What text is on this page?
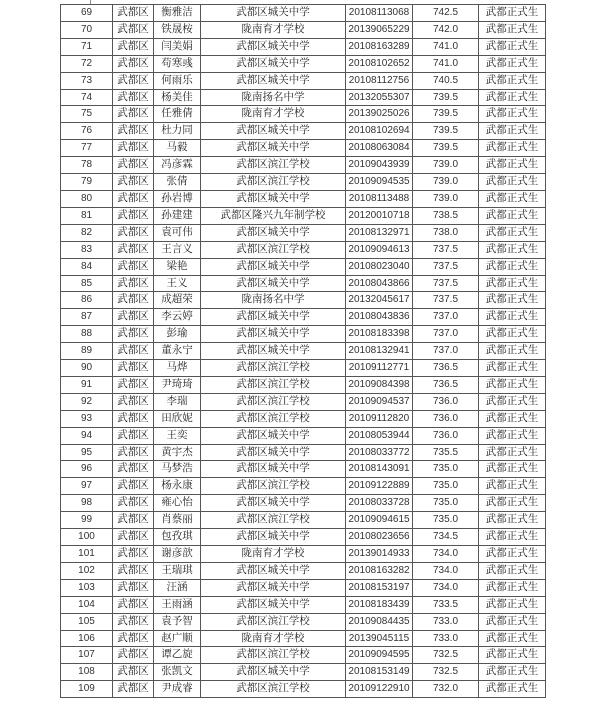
69	武都区	衡雅洁	武都区城关中学	20108113068	742.5	武都正式生
70	武都区	铁晟桉	陇南育才学校	20139065229	742.0	武都正式生
71	武都区	闫美娟	武都区城关中学	20108163289	741.0	武都正式生
72	武都区	苟寒彧	武都区城关中学	20108102652	741.0	武都正式生
73	武都区	何雨乐	武都区城关中学	20108112756	740.5	武都正式生
74	武都区	杨美佳	陇南扬名中学	20132055307	739.5	武都正式生
75	武都区	任雅倩	陇南育才学校	20139025026	739.5	武都正式生
76	武都区	杜力同	武都区城关中学	20108102694	739.5	武都正式生
77	武都区	马毅	武都区城关中学	20108063084	739.5	武都正式生
78	武都区	冯彦霖	武都区滨江学校	20109043939	739.0	武都正式生
79	武都区	张倩	武都区滨江学校	20109094535	739.0	武都正式生
80	武都区	孙岩博	武都区城关中学	20108113488	739.0	武都正式生
81	武都区	孙建建	武都区隆兴九年制学校	20120010718	738.5	武都正式生
82	武都区	袁可伟	武都区城关中学	20108132971	738.0	武都正式生
83	武都区	王言义	武都区滨江学校	20109094613	737.5	武都正式生
84	武都区	梁艳	武都区城关中学	20108023040	737.5	武都正式生
85	武都区	王义	武都区城关中学	20108043866	737.5	武都正式生
86	武都区	成超荣	陇南扬名中学	20132045617	737.5	武都正式生
87	武都区	李云婷	武都区城关中学	20108043836	737.0	武都正式生
88	武都区	彭瑜	武都区城关中学	20108183398	737.0	武都正式生
89	武都区	董永宁	武都区城关中学	20108132941	737.0	武都正式生
90	武都区	马烨	武都区滨江学校	20109112771	736.5	武都正式生
91	武都区	尹琦琦	武都区滨江学校	20109084398	736.5	武都正式生
92	武都区	李瑞	武都区滨江学校	20109094537	736.0	武都正式生
93	武都区	田欣妮	武都区滨江学校	20109112820	736.0	武都正式生
94	武都区	王奕	武都区城关中学	20108053944	736.0	武都正式生
95	武都区	黄宇杰	武都区城关中学	20108033772	735.5	武都正式生
96	武都区	马梦浩	武都区城关中学	20108143091	735.0	武都正式生
97	武都区	杨永康	武都区滨江学校	20109122889	735.0	武都正式生
98	武都区	雍心怡	武都区城关中学	20108033728	735.0	武都正式生
99	武都区	肖蔡丽	武都区滨江学校	20109094615	735.0	武都正式生
100	武都区	包孜琪	武都区城关中学	20108023656	734.5	武都正式生
101	武都区	谢彦歆	陇南育才学校	20139014933	734.0	武都正式生
102	武都区	王瑞琪	武都区城关中学	20108163282	734.0	武都正式生
103	武都区	汪涵	武都区城关中学	20108153197	734.0	武都正式生
104	武都区	王雨涵	武都区城关中学	20108183439	733.5	武都正式生
105	武都区	袁予智	武都区滨江学校	20109084435	733.0	武都正式生
106	武都区	赵广顺	陇南育才学校	20139045115	733.0	武都正式生
107	武都区	谭乙旋	武都区滨江学校	20109094595	732.5	武都正式生
108	武都区	张凯文	武都区城关中学	20108153149	732.5	武都正式生
109	武都区	尹成睿	武都区滨江学校	20109122910	732.0	武都正式生
